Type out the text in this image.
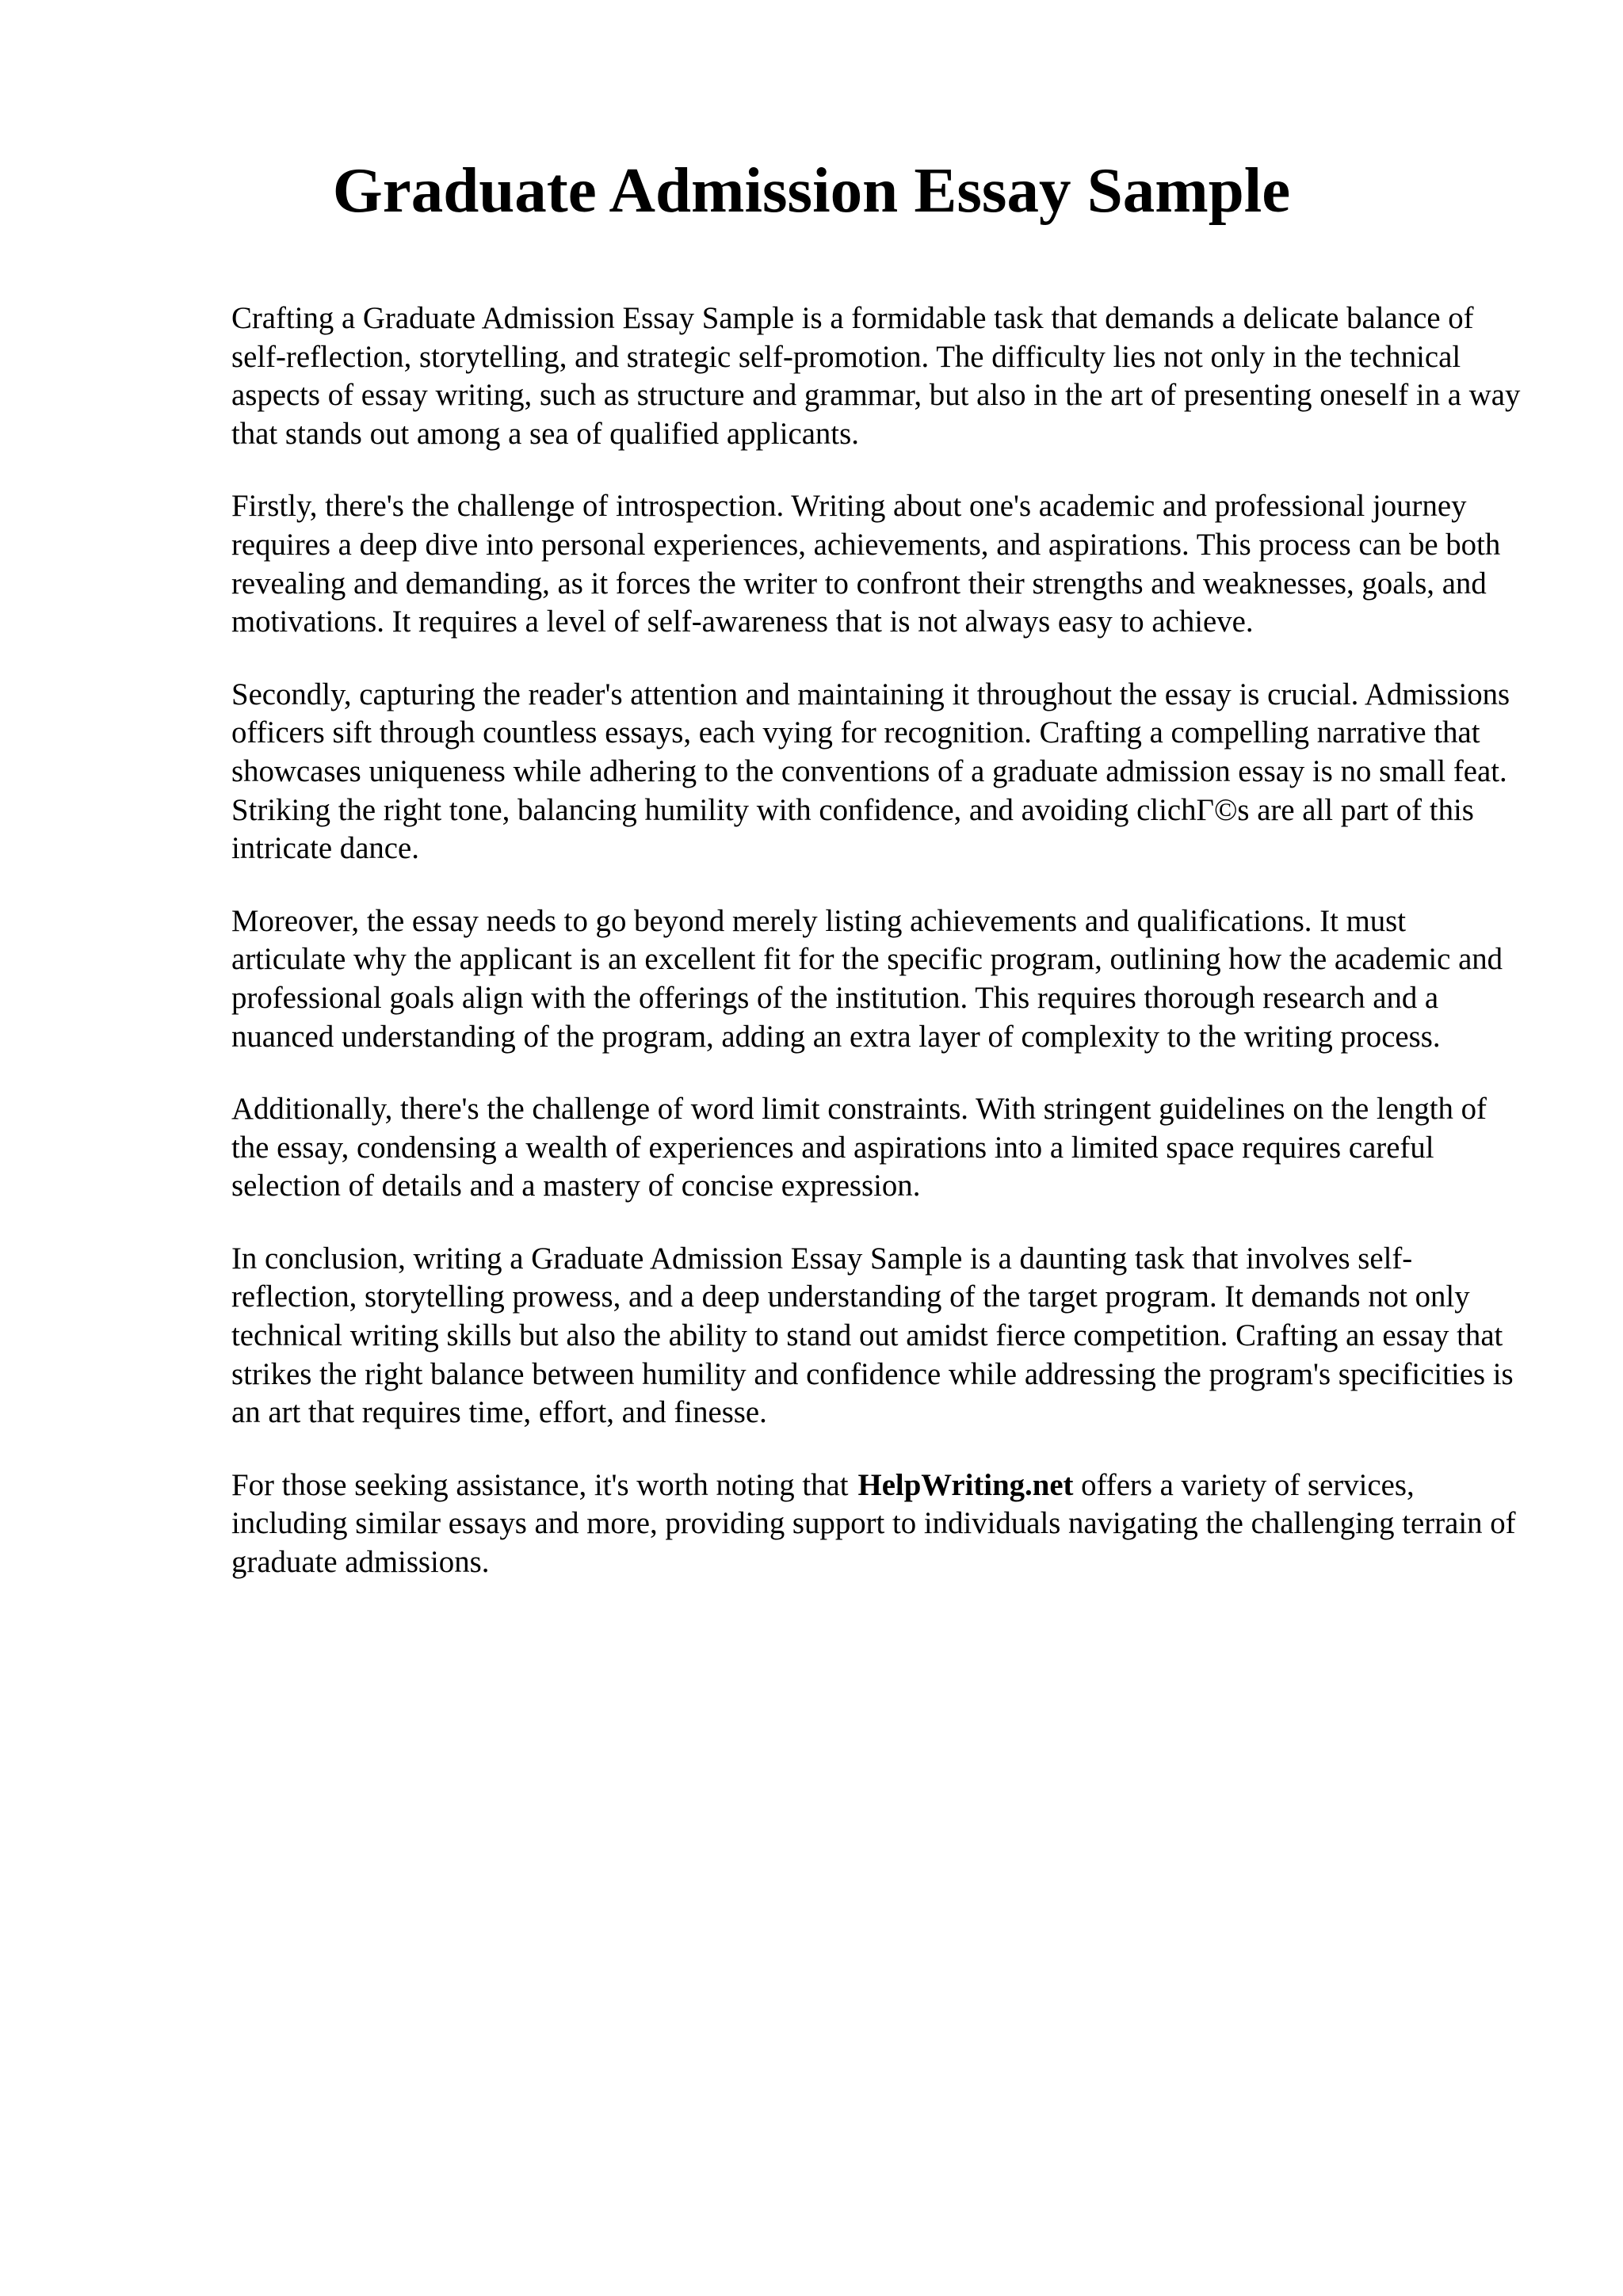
Graduate Admission Essay Sample

Crafting a Graduate Admission Essay Sample is a formidable task that demands a delicate balance of self-reflection, storytelling, and strategic self-promotion. The difficulty lies not only in the technical aspects of essay writing, such as structure and grammar, but also in the art of presenting oneself in a way that stands out among a sea of qualified applicants.

Firstly, there's the challenge of introspection. Writing about one's academic and professional journey requires a deep dive into personal experiences, achievements, and aspirations. This process can be both revealing and demanding, as it forces the writer to confront their strengths and weaknesses, goals, and motivations. It requires a level of self-awareness that is not always easy to achieve.

Secondly, capturing the reader's attention and maintaining it throughout the essay is crucial. Admissions officers sift through countless essays, each vying for recognition. Crafting a compelling narrative that showcases uniqueness while adhering to the conventions of a graduate admission essay is no small feat. Striking the right tone, balancing humility with confidence, and avoiding clichГ©s are all part of this intricate dance.

Moreover, the essay needs to go beyond merely listing achievements and qualifications. It must articulate why the applicant is an excellent fit for the specific program, outlining how the academic and professional goals align with the offerings of the institution. This requires thorough research and a nuanced understanding of the program, adding an extra layer of complexity to the writing process.

Additionally, there's the challenge of word limit constraints. With stringent guidelines on the length of the essay, condensing a wealth of experiences and aspirations into a limited space requires careful selection of details and a mastery of concise expression.

In conclusion, writing a Graduate Admission Essay Sample is a daunting task that involves self-reflection, storytelling prowess, and a deep understanding of the target program. It demands not only technical writing skills but also the ability to stand out amidst fierce competition. Crafting an essay that strikes the right balance between humility and confidence while addressing the program's specificities is an art that requires time, effort, and finesse.

For those seeking assistance, it's worth noting that HelpWriting.net offers a variety of services, including similar essays and more, providing support to individuals navigating the challenging terrain of graduate admissions.
